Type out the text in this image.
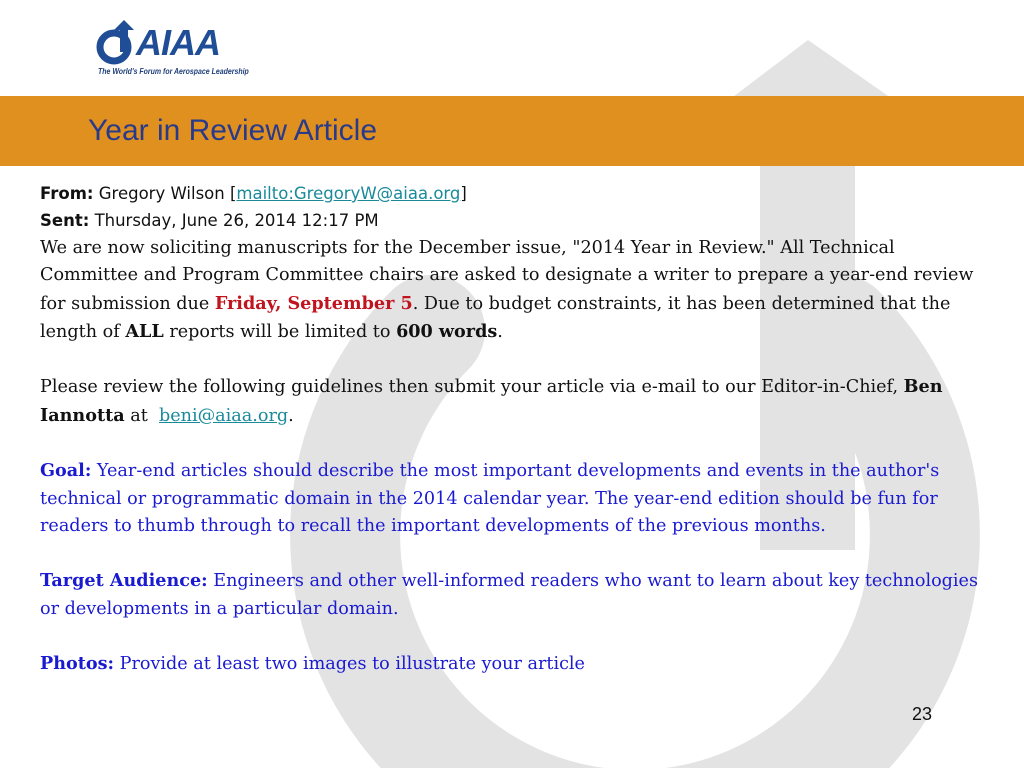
AIAA
The World's Forum for Aerospace Leadership
Year in Review Article
From: Gregory Wilson [mailto:GregoryW@aiaa.org]
Sent: Thursday, June 26, 2014 12:17 PM
We are now soliciting manuscripts for the December issue, "2014 Year in Review." All Technical Committee and Program Committee chairs are asked to designate a writer to prepare a year-end review for submission due Friday, September 5. Due to budget constraints, it has been determined that the length of ALL reports will be limited to 600 words.
Please review the following guidelines then submit your article via e-mail to our Editor-in-Chief, Ben Iannotta at  beni@aiaa.org.
Goal: Year-end articles should describe the most important developments and events in the author's technical or programmatic domain in the 2014 calendar year. The year-end edition should be fun for readers to thumb through to recall the important developments of the previous months.
Target Audience: Engineers and other well-informed readers who want to learn about key technologies or developments in a particular domain.
Photos: Provide at least two images to illustrate your article
23
